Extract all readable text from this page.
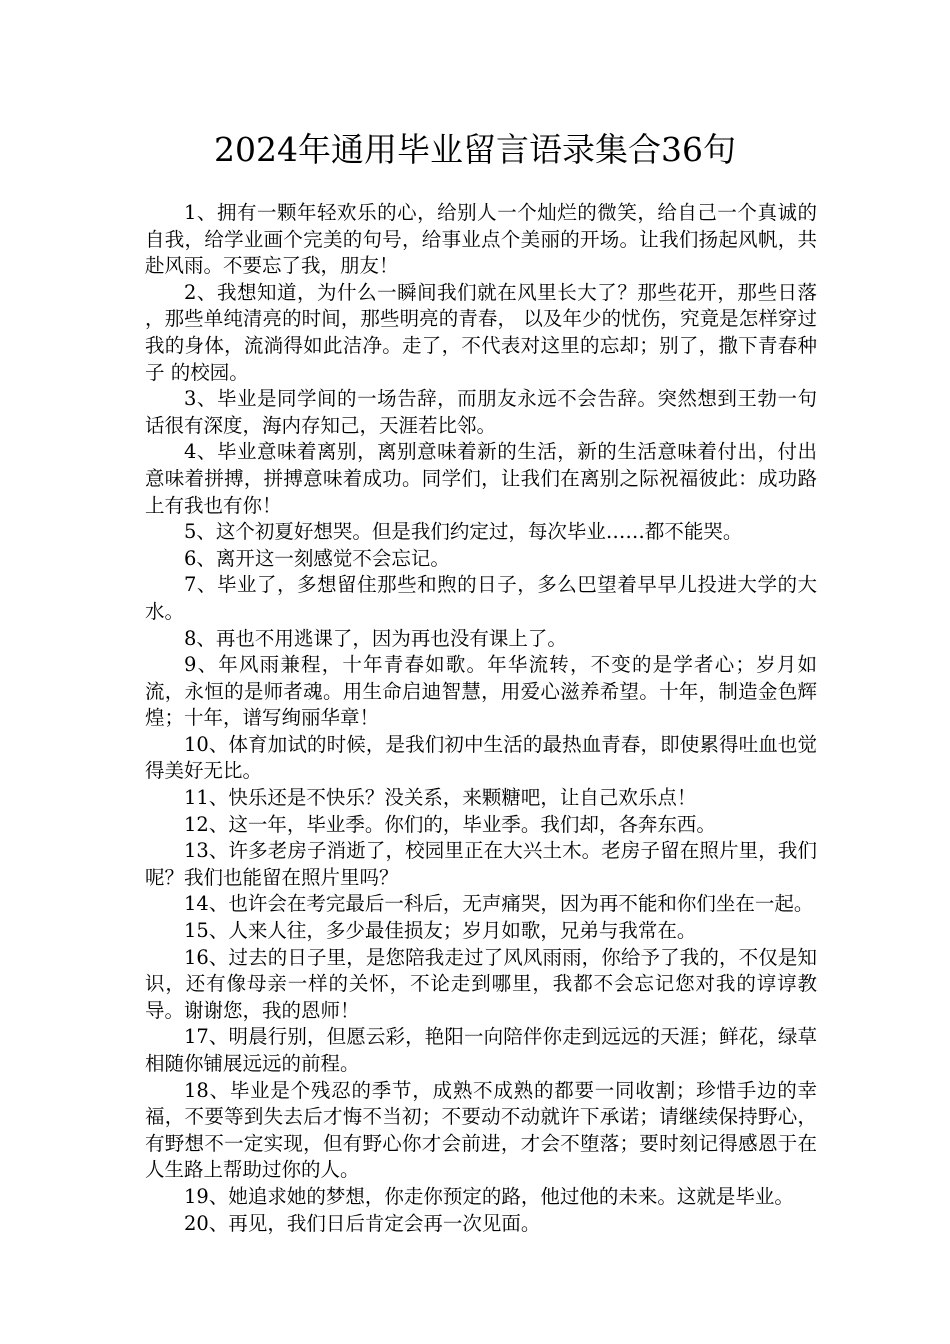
2024年通用毕业留言语录集合36句

1、拥有一颗年轻欢乐的心，给别人一个灿烂的微笑，给自己一个真诚的自我，给学业画个完美的句号，给事业点个美丽的开场。让我们扬起风帆，共赴风雨。不要忘了我，朋友！

2、我想知道，为什么一瞬间我们就在风里长大了？那些花开，那些日落 ，那些单纯清亮的时间，那些明亮的青春， 以及年少的忧伤，究竟是怎样穿过我的身体，流淌得如此洁净。走了，不代表对这里的忘却；别了，撒下青春种子 的校园。

3、毕业是同学间的一场告辞，而朋友永远不会告辞。突然想到王勃一句话很有深度，海内存知己，天涯若比邻。

4、毕业意味着离别，离别意味着新的生活，新的生活意味着付出，付出意味着拼搏，拼搏意味着成功。同学们，让我们在离别之际祝福彼此：成功路上有我也有你！

5、这个初夏好想哭。但是我们约定过，每次毕业……都不能哭。

6、离开这一刻感觉不会忘记。

7、毕业了，多想留住那些和煦的日子，多么巴望着早早儿投进大学的大水。

8、再也不用逃课了，因为再也没有课上了。

9、年风雨兼程，十年青春如歌。年华流转，不变的是学者心；岁月如流，永恒的是师者魂。用生命启迪智慧，用爱心滋养希望。十年，制造金色辉煌；十年，谱写绚丽华章！

10、体育加试的时候，是我们初中生活的最热血青春，即使累得吐血也觉得美好无比。

11、快乐还是不快乐？没关系，来颗糖吧，让自己欢乐点！

12、这一年，毕业季。你们的，毕业季。我们却，各奔东西。

13、许多老房子消逝了，校园里正在大兴土木。老房子留在照片里，我们呢？我们也能留在照片里吗？

14、也许会在考完最后一科后，无声痛哭，因为再不能和你们坐在一起。

15、人来人往，多少最佳损友；岁月如歌，兄弟与我常在。

16、过去的日子里，是您陪我走过了风风雨雨，你给予了我的，不仅是知识，还有像母亲一样的关怀，不论走到哪里，我都不会忘记您对我的谆谆教导。谢谢您，我的恩师！

17、明晨行别，但愿云彩，艳阳一向陪伴你走到远远的天涯；鲜花，绿草相随你铺展远远的前程。

18、毕业是个残忍的季节，成熟不成熟的都要一同收割；珍惜手边的幸福，不要等到失去后才悔不当初；不要动不动就许下承诺；请继续保持野心，有野想不一定实现，但有野心你才会前进，才会不堕落；要时刻记得感恩于在人生路上帮助过你的人。

19、她追求她的梦想，你走你预定的路，他过他的未来。这就是毕业。

20、再见，我们日后肯定会再一次见面。
